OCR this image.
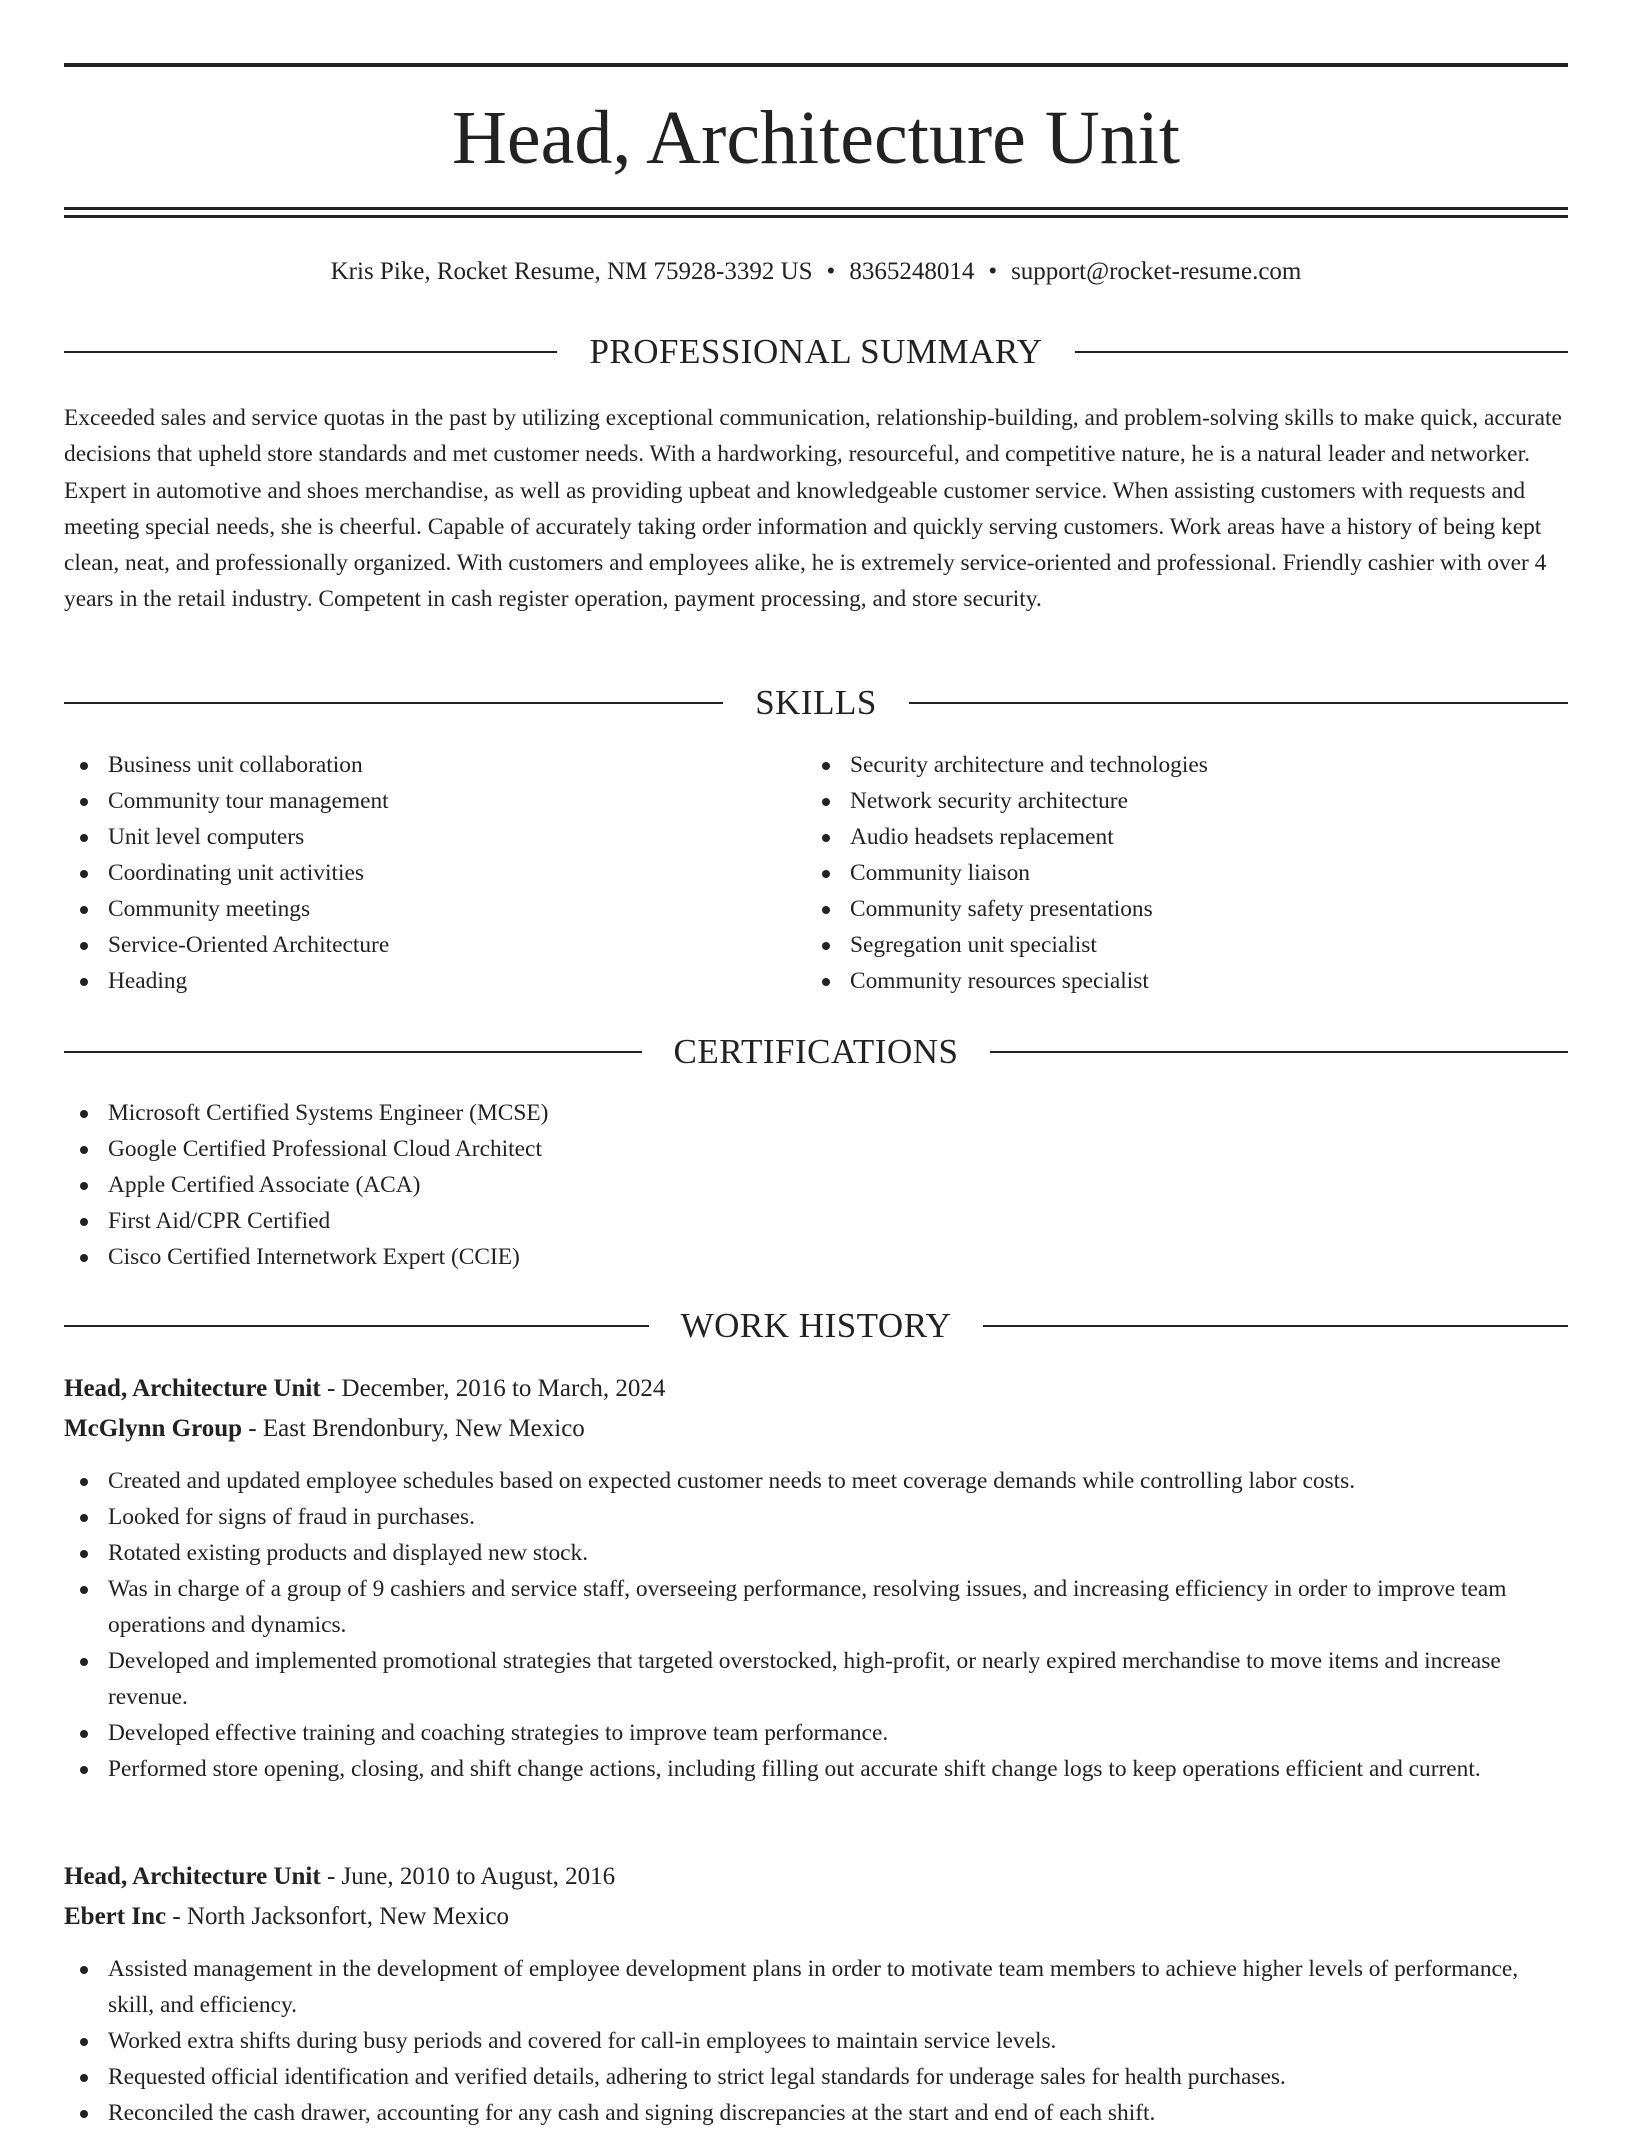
Head, Architecture Unit
Kris Pike, Rocket Resume, NM 75928-3392 US • 8365248014 • support@rocket-resume.com
PROFESSIONAL SUMMARY

Exceeded sales and service quotas in the past by utilizing exceptional communication, relationship-building, and problem-solving skills to make quick, accurate decisions that upheld store standards and met customer needs. With a hardworking, resourceful, and competitive nature, he is a natural leader and networker. Expert in automotive and shoes merchandise, as well as providing upbeat and knowledgeable customer service. When assisting customers with requests and meeting special needs, she is cheerful. Capable of accurately taking order information and quickly serving customers. Work areas have a history of being kept clean, neat, and professionally organized. With customers and employees alike, he is extremely service-oriented and professional. Friendly cashier with over 4 years in the retail industry. Competent in cash register operation, payment processing, and store security.

SKILLS
Business unit collaboration
Community tour management
Unit level computers
Coordinating unit activities
Community meetings
Service-Oriented Architecture
Heading
Security architecture and technologies
Network security architecture
Audio headsets replacement
Community liaison
Community safety presentations
Segregation unit specialist
Community resources specialist
CERTIFICATIONS
Microsoft Certified Systems Engineer (MCSE)
Google Certified Professional Cloud Architect
Apple Certified Associate (ACA)
First Aid/CPR Certified
Cisco Certified Internetwork Expert (CCIE)
WORK HISTORY
Head, Architecture Unit - December, 2016 to March, 2024
McGlynn Group - East Brendonbury, New Mexico
Created and updated employee schedules based on expected customer needs to meet coverage demands while controlling labor costs.
Looked for signs of fraud in purchases.
Rotated existing products and displayed new stock.
Was in charge of a group of 9 cashiers and service staff, overseeing performance, resolving issues, and increasing efficiency in order to improve team operations and dynamics.
Developed and implemented promotional strategies that targeted overstocked, high-profit, or nearly expired merchandise to move items and increase revenue.
Developed effective training and coaching strategies to improve team performance.
Performed store opening, closing, and shift change actions, including filling out accurate shift change logs to keep operations efficient and current.
Head, Architecture Unit - June, 2010 to August, 2016
Ebert Inc - North Jacksonfort, New Mexico
Assisted management in the development of employee development plans in order to motivate team members to achieve higher levels of performance, skill, and efficiency.
Worked extra shifts during busy periods and covered for call-in employees to maintain service levels.
Requested official identification and verified details, adhering to strict legal standards for underage sales for health purchases.
Reconciled the cash drawer, accounting for any cash and signing discrepancies at the start and end of each shift.
